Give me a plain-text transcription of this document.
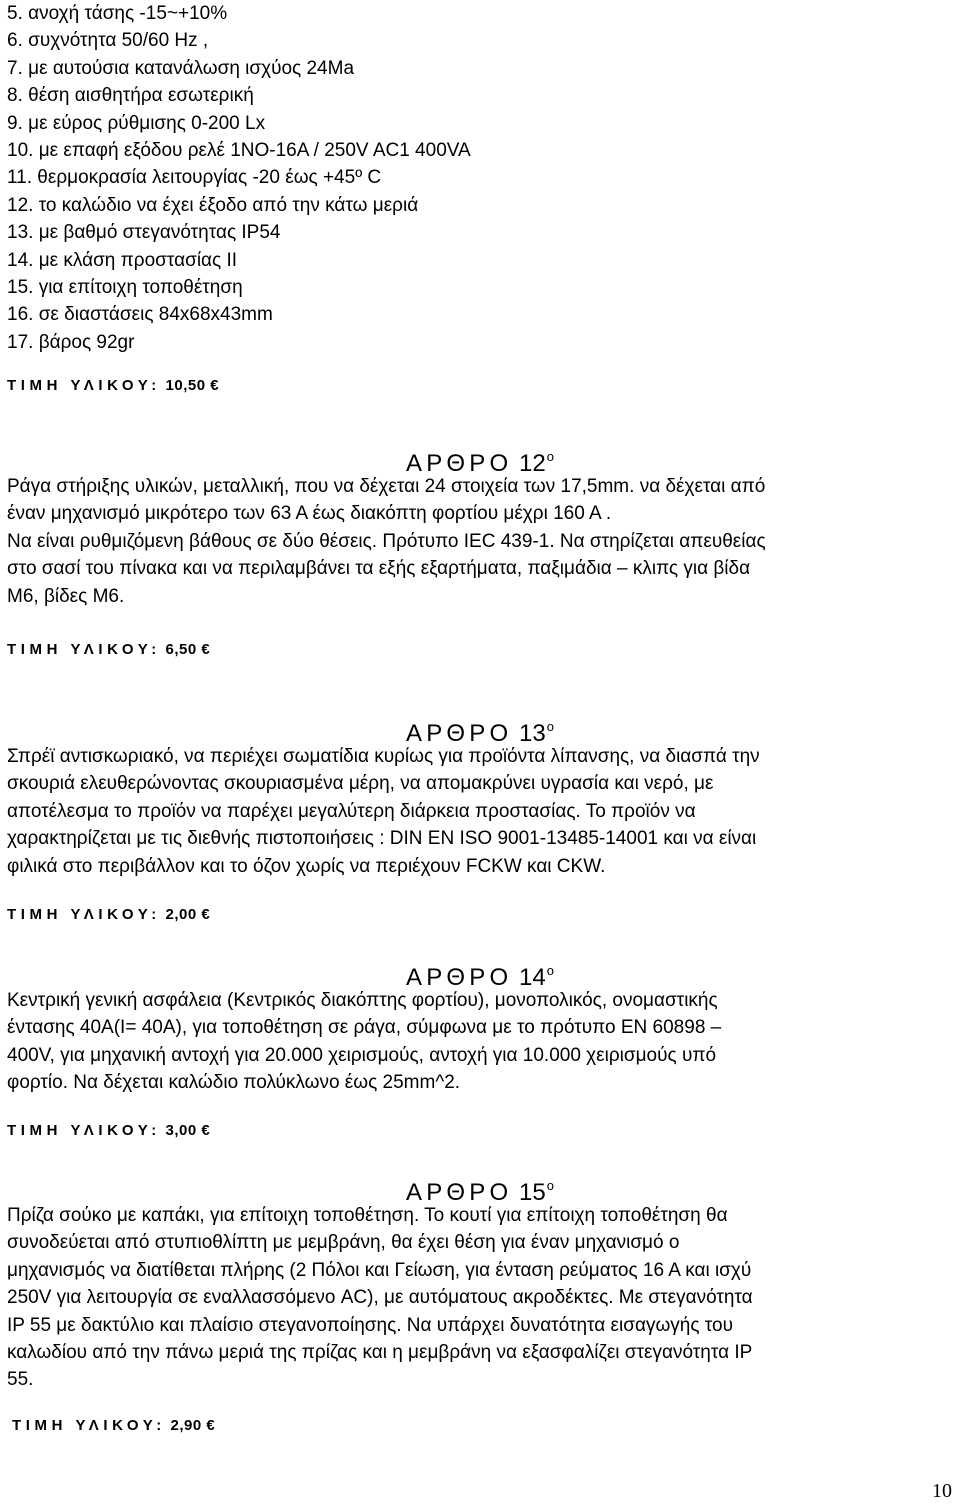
5. ανοχή τάσης -15~+10%
6. συχνότητα 50/60 Hz ,
7. με αυτούσια κατανάλωση ισχύος 24Ma
8. θέση αισθητήρα εσωτερική
9. με εύρος ρύθμισης 0-200 Lx
10. με επαφή εξόδου ρελέ 1ΝΟ-16Α / 250V AC1 400VA
11. θερμοκρασία λειτουργίας -20 έως +45º C
12. το καλώδιο να έχει έξοδο από την κάτω μεριά
13. με βαθμό στεγανότητας IP54
14. με κλάση προστασίας ΙΙ
15. για επίτοιχη τοποθέτηση
16. σε διαστάσεις 84x68x43mm
17. βάρος 92gr
ΤΙΜΗ ΥΛΙΚΟΥ: 10,50 €
ΑΡΘΡΟ $12^o$
Ράγα στήριξης υλικών, μεταλλική, που να δέχεται 24 στοιχεία των 17,5mm. να δέχεται από
έναν μηχανισμό μικρότερο των 63 Α έως διακόπτη φορτίου μέχρι 160 Α .
Να είναι ρυθμιζόμενη βάθους σε δύο θέσεις. Πρότυπο IEC 439-1. Να στηρίζεται απευθείας
στο σασί του πίνακα και να περιλαμβάνει τα εξής εξαρτήματα, παξιμάδια – κλιπς για βίδα
Μ6, βίδες Μ6.
ΤΙΜΗ ΥΛΙΚΟΥ: 6,50 €
ΑΡΘΡΟ $13^o$
Σπρέϊ αντισκωριακό, να περιέχει σωματίδια κυρίως για προϊόντα λίπανσης, να διασπά την
σκουριά ελευθερώνοντας σκουριασμένα μέρη, να απομακρύνει υγρασία και νερό, με
αποτέλεσμα το προϊόν να παρέχει μεγαλύτερη διάρκεια προστασίας. Το προϊόν να
χαρακτηρίζεται με τις διεθνής πιστοποιήσεις : DIN EN ISO 9001-13485-14001 και να είναι
φιλικά στο περιβάλλον και το όζον χωρίς να περιέχουν FCKW και CKW.
ΤΙΜΗ ΥΛΙΚΟΥ: 2,00 €
ΑΡΘΡΟ $14^o$
Κεντρική γενική ασφάλεια (Κεντρικός διακόπτης φορτίου), μονοπολικός, ονομαστικής
έντασης 40Α(I= 40A), για τοποθέτηση σε ράγα, σύμφωνα με το πρότυπο ΕΝ 60898 –
400V, για μηχανική αντοχή για 20.000 χειρισμούς, αντοχή για 10.000 χειρισμούς υπό
φορτίο. Να δέχεται καλώδιο πολύκλωνο έως 25mm^2.
ΤΙΜΗ ΥΛΙΚΟΥ: 3,00 €
ΑΡΘΡΟ $15^o$
Πρίζα σούκο με καπάκι, για επίτοιχη τοποθέτηση. Το κουτί για επίτοιχη τοποθέτηση θα
συνοδεύεται από στυπιοθλίπτη με μεμβράνη, θα έχει θέση για έναν μηχανισμό ο
μηχανισμός να διατίθεται πλήρης (2 Πόλοι και Γείωση, για ένταση ρεύματος 16 Α και ισχύ
250V για λειτουργία σε εναλλασσόμενο AC), με αυτόματους ακροδέκτες. Με στεγανότητα
IP 55 με δακτύλιο και πλαίσιο στεγανοποίησης. Να υπάρχει δυνατότητα εισαγωγής του
καλωδίου από την πάνω μεριά της πρίζας και η μεμβράνη να εξασφαλίζει στεγανότητα IP
55.
ΤΙΜΗ ΥΛΙΚΟΥ: 2,90 €
10
